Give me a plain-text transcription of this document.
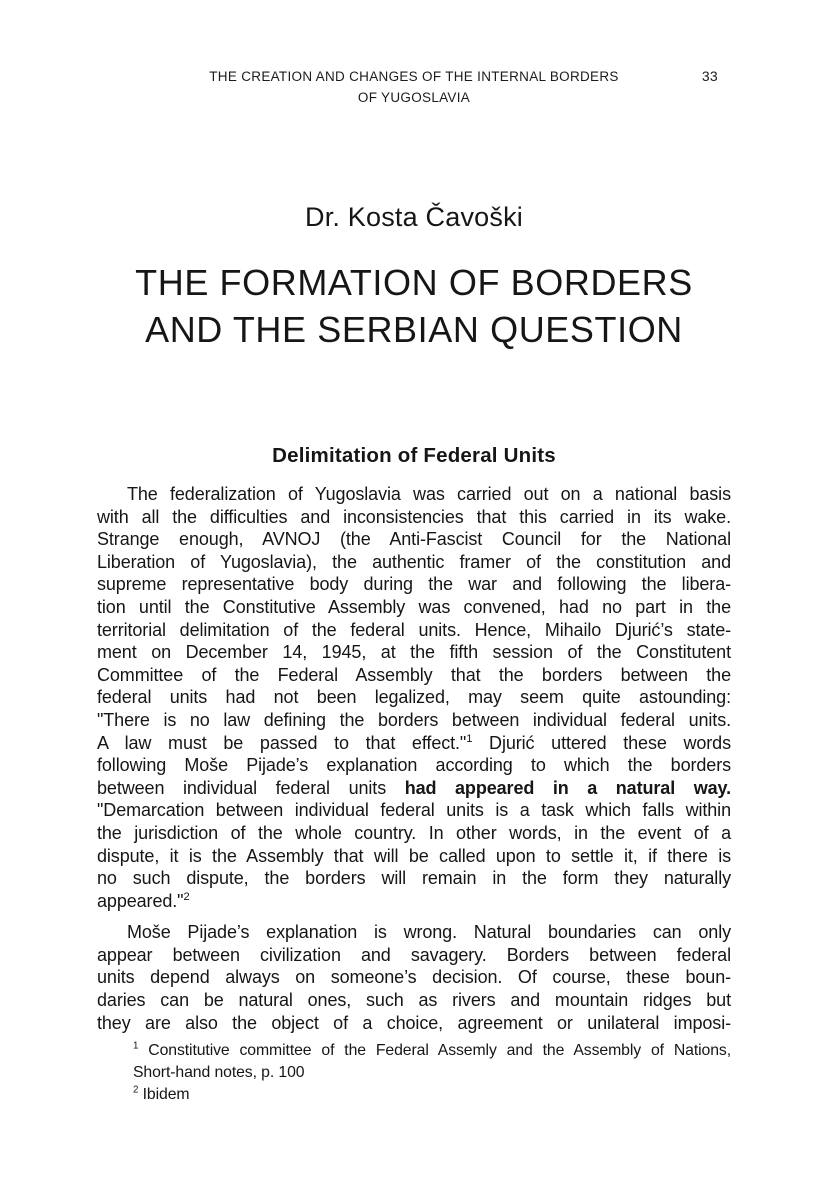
THE CREATION AND CHANGES OF THE INTERNAL BORDERS
OF YUGOSLAVIA
33
Dr. Kosta Čavoški
THE FORMATION OF BORDERS
AND THE SERBIAN QUESTION
Delimitation of Federal Units
The federalization of Yugoslavia was carried out on a national basis
with all the difficulties and inconsistencies that this carried in its wake.
Strange enough, AVNOJ (the Anti-Fascist Council for the National
Liberation of Yugoslavia), the authentic framer of the constitution and
supreme representative body during the war and following the libera-
tion until the Constitutive Assembly was convened, had no part in the
territorial delimitation of the federal units. Hence, Mihailo Djurić’s state-
ment on December 14, 1945, at the fifth session of the Constitutent
Committee of the Federal Assembly that the borders between the
federal units had not been legalized, may seem quite astounding:
"There is no law defining the borders between individual federal units.
A law must be passed to that effect."$^1$ Djurić uttered these words
following Moše Pijade’s explanation according to which the borders
between individual federal units had appeared in a natural way.
"Demarcation between individual federal units is a task which falls within
the jurisdiction of the whole country. In other words, in the event of a
dispute, it is the Assembly that will be called upon to settle it, if there is
no such dispute, the borders will remain in the form they naturally
appeared."$^2$
Moše Pijade’s explanation is wrong. Natural boundaries can only
appear between civilization and savagery. Borders between federal
units depend always on someone’s decision. Of course, these boun-
daries can be natural ones, such as rivers and mountain ridges but
they are also the object of a choice, agreement or unilateral imposi-
$^1$ Constitutive committee of the Federal Assemly and the Assembly of Nations,
Short-hand notes, p. 100
$^2$ Ibidem
